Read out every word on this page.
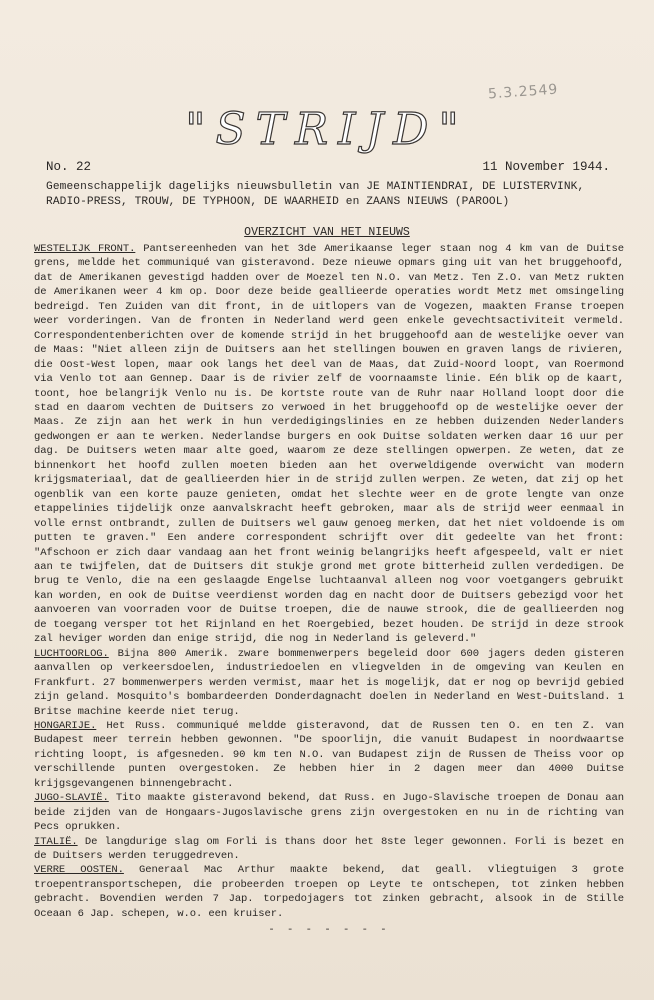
5.3.2549
"STRIJD"
No. 22	11 November 1944.
Gemeenschappelijk dagelijks nieuwsbulletin van JE MAINTIENDRAI, DE LUISTERVINK, RADIO-PRESS, TROUW, DE TYPHOON, DE WAARHEID en ZAANS NIEUWS (PAROOL)
OVERZICHT VAN HET NIEUWS

WESTELIJK FRONT. Pantsereenheden van het 3de Amerikaanse leger staan nog 4 km van de Duitse grens, meldde het communiqué van gisteravond. Deze nieuwe opmars ging uit van het bruggehoofd, dat de Amerikanen gevestigd hadden over de Moezel ten N.O. van Metz. Ten Z.O. van Metz rukten de Amerikanen weer 4 km op. Door deze beide geallieerde operaties wordt Metz met omsingeling bedreigd. Ten Zuiden van dit front, in de uitlopers van de Vogezen, maakten Franse troepen weer vorderingen. Van de fronten in Nederland werd geen enkele gevechtsactiviteit vermeld. Correspondentenberichten over de komende strijd in het bruggehoofd aan de westelijke oever van de Maas: "Niet alleen zijn de Duitsers aan het stellingen bouwen en graven langs de rivieren, die Oost-West lopen, maar ook langs het deel van de Maas, dat Zuid-Noord loopt, van Roermond via Venlo tot aan Gennep. Daar is de rivier zelf de voornaamste linie. Eén blik op de kaart, toont, hoe belangrijk Venlo nu is. De kortste route van de Ruhr naar Holland loopt door die stad en daarom vechten de Duitsers zo verwoed in het bruggehoofd op de westelijke oever der Maas. Ze zijn aan het werk in hun verdedigingslinies en ze hebben duizenden Nederlanders gedwongen er aan te werken. Nederlandse burgers en ook Duitse soldaten werken daar 16 uur per dag. De Duitsers weten maar alte goed, waarom ze deze stellingen opwerpen. Ze weten, dat ze binnenkort het hoofd zullen moeten bieden aan het overweldigende overwicht van modern krijgsmateriaal, dat de geallieerden hier in de strijd zullen werpen. Ze weten, dat zij op het ogenblik van een korte pauze genieten, omdat het slechte weer en de grote lengte van onze etappelinies tijdelijk onze aanvalskracht heeft gebroken, maar als de strijd weer eenmaal in volle ernst ontbrandt, zullen de Duitsers wel gauw genoeg merken, dat het niet voldoende is om putten te graven." Een andere correspondent schrijft over dit gedeelte van het front: "Afschoon er zich daar vandaag aan het front weinig belangrijks heeft afgespeeld, valt er niet aan te twijfelen, dat de Duitsers dit stukje grond met grote bitterheid zullen verdedigen. De brug te Venlo, die na een geslaagde Engelse luchtaanval alleen nog voor voetgangers gebruikt kan worden, en ook de Duitse veerdienst worden dag en nacht door de Duitsers gebezigd voor het aanvoeren van voorraden voor de Duitse troepen, die de nauwe strook, die de geallieerden nog de toegang versper tot het Rijnland en het Roergebied, bezet houden. De strijd in deze strook zal heviger worden dan enige strijd, die nog in Nederland is geleverd."

LUCHTOORLOG. Bijna 800 Amerik. zware bommenwerpers begeleid door 600 jagers deden gisteren aanvallen op verkeersdoelen, industriedoelen en vliegvelden in de omgeving van Keulen en Frankfurt. 27 bommenwerpers werden vermist, maar het is mogelijk, dat er nog op bevrijd gebied zijn geland. Mosquito's bombardeerden Donderdagnacht doelen in Nederland en West-Duitsland. 1 Britse machine keerde niet terug.

HONGARIJE. Het Russ. communiqué meldde gisteravond, dat de Russen ten O. en ten Z. van Budapest meer terrein hebben gewonnen. "De spoorlijn, die vanuit Budapest in noordwaartse richting loopt, is afgesneden. 90 km ten N.O. van Budapest zijn de Russen de Theiss voor op verschillende punten overgestoken. Ze hebben hier in 2 dagen meer dan 4000 Duitse krijgsgevangenen binnengebracht.

JUGO-SLAVIË. Tito maakte gisteravond bekend, dat Russ. en Jugo-Slavische troepen de Donau aan beide zijden van de Hongaars-Jugoslavische grens zijn overgestoken en nu in de richting van Pecs oprukken.

ITALIË. De langdurige slag om Forli is thans door het 8ste leger gewonnen. Forli is bezet en de Duitsers werden teruggedreven.

VERRE OOSTEN. Generaal Mac Arthur maakte bekend, dat geall. vliegtuigen 3 grote troepentransportschepen, die probeerden troepen op Leyte te ontschepen, tot zinken hebben gebracht. Bovendien werden 7 Jap. torpedojagers tot zinken gebracht, alsook in de Stille Oceaan 6 Jap. schepen, w.o. een kruiser.

- - - - - - -
